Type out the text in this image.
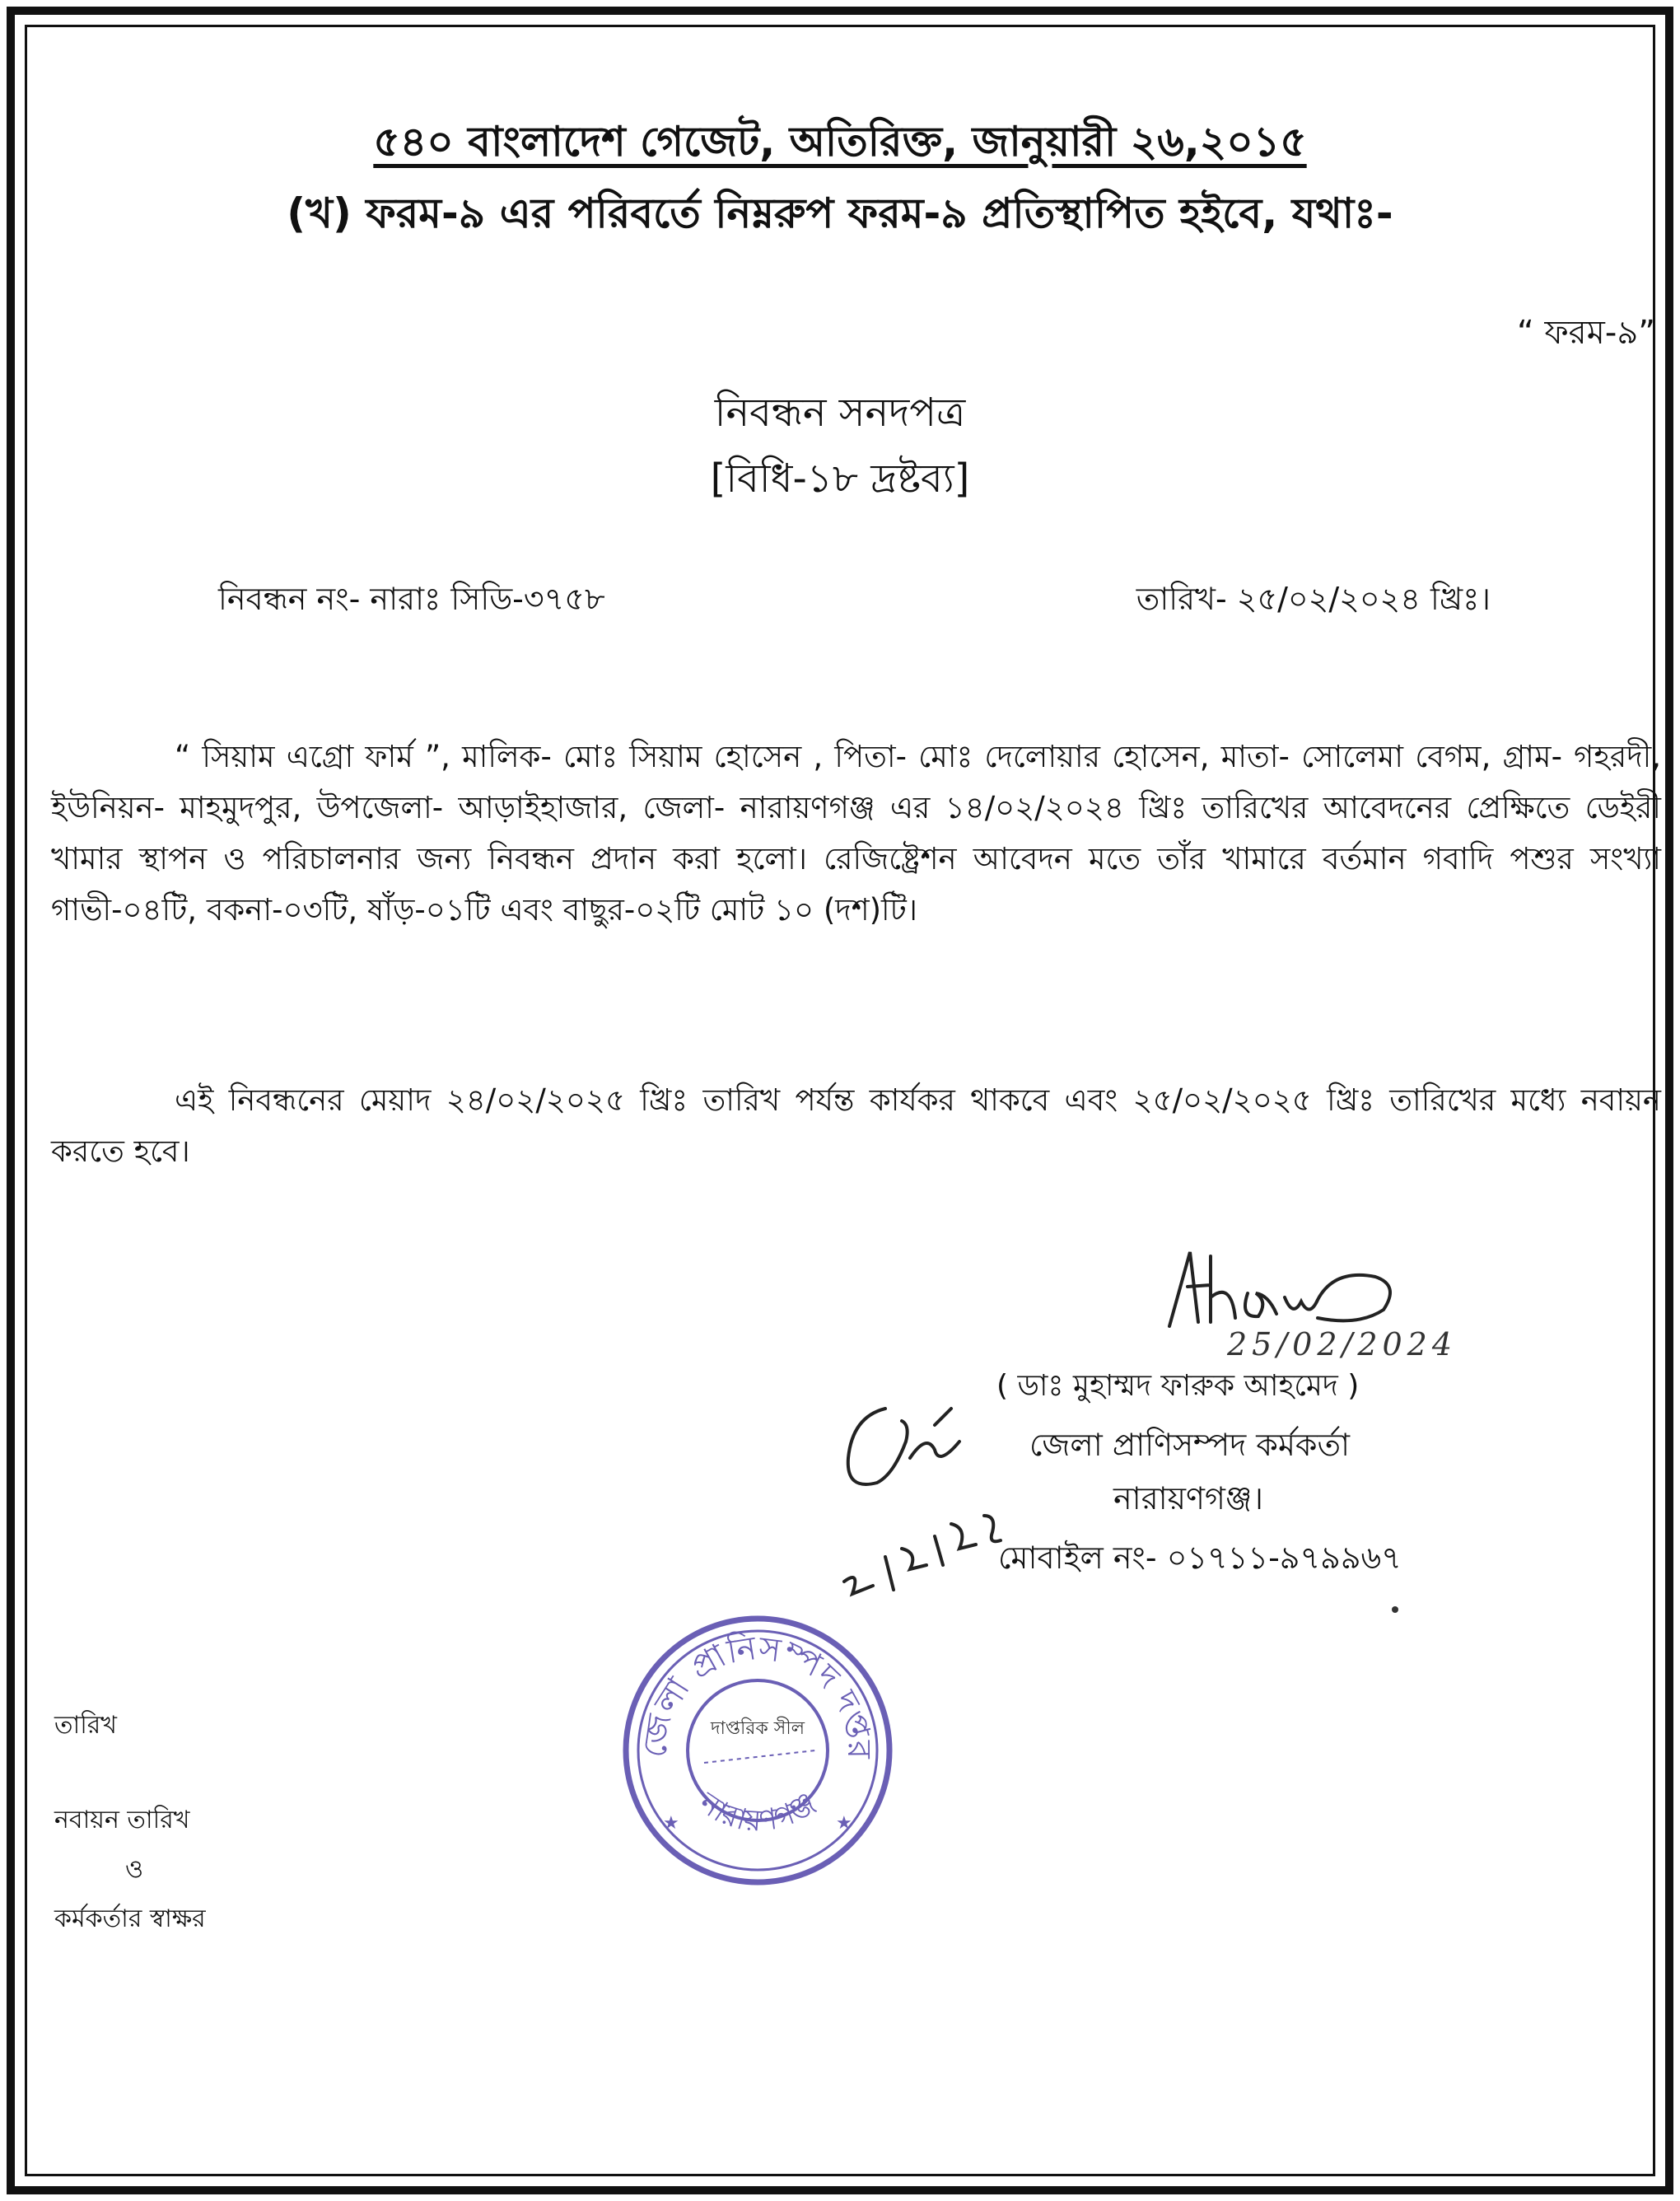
৫৪০ বাংলাদেশ গেজেট, অতিরিক্ত, জানুয়ারী ২৬,২০১৫
(খ) ফরম-৯ এর পরিবর্তে নিম্নরুপ ফরম-৯ প্রতিস্থাপিত হইবে, যথাঃ-
“ ফরম-৯”
নিবন্ধন সনদপত্র
[বিধি-১৮ দ্রষ্টব্য]
নিবন্ধন নং- নারাঃ সিডি-৩৭৫৮	তারিখ- ২৫/০২/২০২৪ খ্রিঃ।
“ সিয়াম এগ্রো ফার্ম ”, মালিক- মোঃ সিয়াম হোসেন , পিতা- মোঃ দেলোয়ার হোসেন, মাতা- সোলেমা বেগম, গ্রাম- গহরদী, ইউনিয়ন- মাহমুদপুর, উপজেলা- আড়াইহাজার, জেলা- নারায়ণগঞ্জ এর ১৪/০২/২০২৪ খ্রিঃ তারিখের আবেদনের প্রেক্ষিতে ডেইরী খামার স্থাপন ও পরিচালনার জন্য নিবন্ধন প্রদান করা হলো। রেজিষ্ট্রেশন আবেদন মতে তাঁর খামারে বর্তমান গবাদি পশুর সংখ্যা গাভী-০৪টি, বকনা-০৩টি, ষাঁড়-০১টি এবং বাছুর-০২টি মোট ১০ (দশ)টি।
এই নিবন্ধনের মেয়াদ ২৪/০২/২০২৫ খ্রিঃ তারিখ পর্যন্ত কার্যকর থাকবে এবং ২৫/০২/২০২৫ খ্রিঃ তারিখের মধ্যে নবায়ন করতে হবে।
25/02/2024
( ডাঃ মুহাম্মদ ফারুক আহমেদ )
জেলা প্রাণিসম্পদ কর্মকর্তা
নারায়ণগঞ্জ।
মোবাইল নং- ০১৭১১-৯৭৯৯৬৭
জেলা প্রানিসম্পদ দপ্তর
নারায়ণগঞ্জ
দাপ্তরিক সীল
★	★
তারিখ
নবায়ন তারিখ
ও
কর্মকর্তার স্বাক্ষর
